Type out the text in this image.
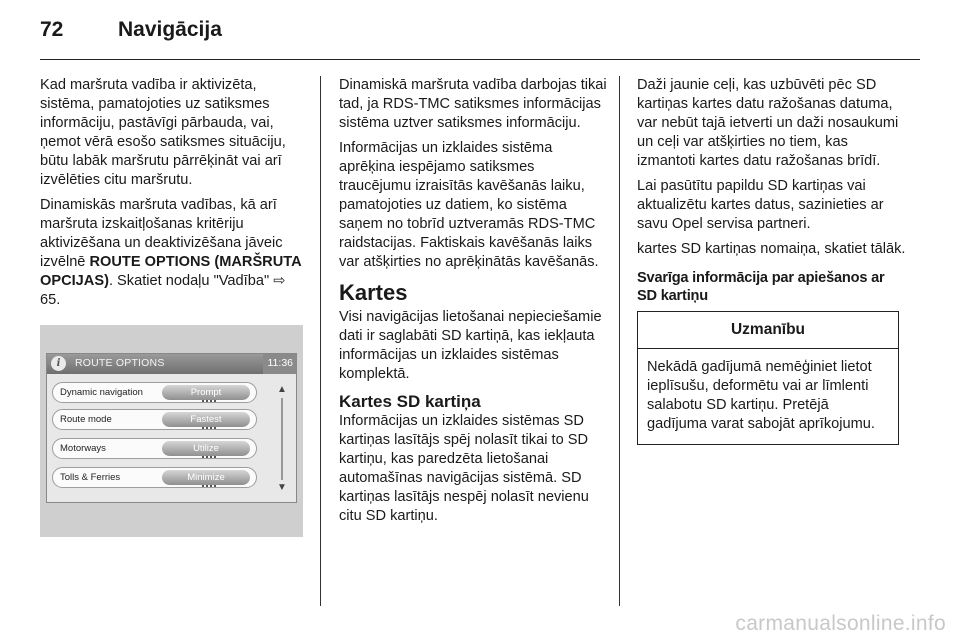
72	Navigācija

Kad maršruta vadība ir aktivizēta, sistēma, pamatojoties uz satiksmes informāciju, pastāvīgi pārbauda, vai, ņemot vērā esošo satiksmes situāciju, būtu labāk maršrutu pārrēķināt vai arī izvēlēties citu maršrutu.

Dinamiskās maršruta vadības, kā arī maršruta izskaitļošanas kritēriju aktivizēšana un deaktivizēšana jāveic izvēlnē ROUTE OPTIONS (MARŠRUTA OPCIJAS). Skatiet nodaļu "Vadība" ⇨ 65.

i	ROUTE OPTIONS	11:36
Dynamic navigation	Prompt
Route mode	Fastest
Motorways	Utilize
Tolls & Ferries	Minimize
▲
▼

Dinamiskā maršruta vadība darbojas tikai tad, ja RDS-TMC satiksmes informācijas sistēma uztver satiksmes informāciju.

Informācijas un izklaides sistēma aprēķina iespējamo satiksmes traucējumu izraisītās kavēšanās laiku, pamatojoties uz datiem, ko sistēma saņem no tobrīd uztveramās RDS-TMC raidstacijas. Faktiskais kavēšanās laiks var atšķirties no aprēķinātās kavēšanās.

Kartes

Visi navigācijas lietošanai nepieciešamie dati ir saglabāti SD kartiņā, kas iekļauta informācijas un izklaides sistēmas komplektā.

Kartes SD kartiņa

Informācijas un izklaides sistēmas SD kartiņas lasītājs spēj nolasīt tikai to SD kartiņu, kas paredzēta lietošanai automašīnas navigācijas sistēmā. SD kartiņas lasītājs nespēj nolasīt nevienu citu SD kartiņu.

Daži jaunie ceļi, kas uzbūvēti pēc SD kartiņas kartes datu ražošanas datuma, var nebūt tajā ietverti un daži nosaukumi un ceļi var atšķirties no tiem, kas izmantoti kartes datu ražošanas brīdī.

Lai pasūtītu papildu SD kartiņas vai aktualizētu kartes datus, sazinieties ar savu Opel servisa partneri.

kartes SD kartiņas nomaiņa, skatiet tālāk.

Svarīga informācija par apiešanos ar SD kartiņu
Uzmanību
Nekādā gadījumā nemēģiniet lietot ieplīsušu, deformētu vai ar līmlenti salabotu SD kartiņu. Pretējā gadījuma varat sabojāt aprīkojumu.
carmanualsonline.info
